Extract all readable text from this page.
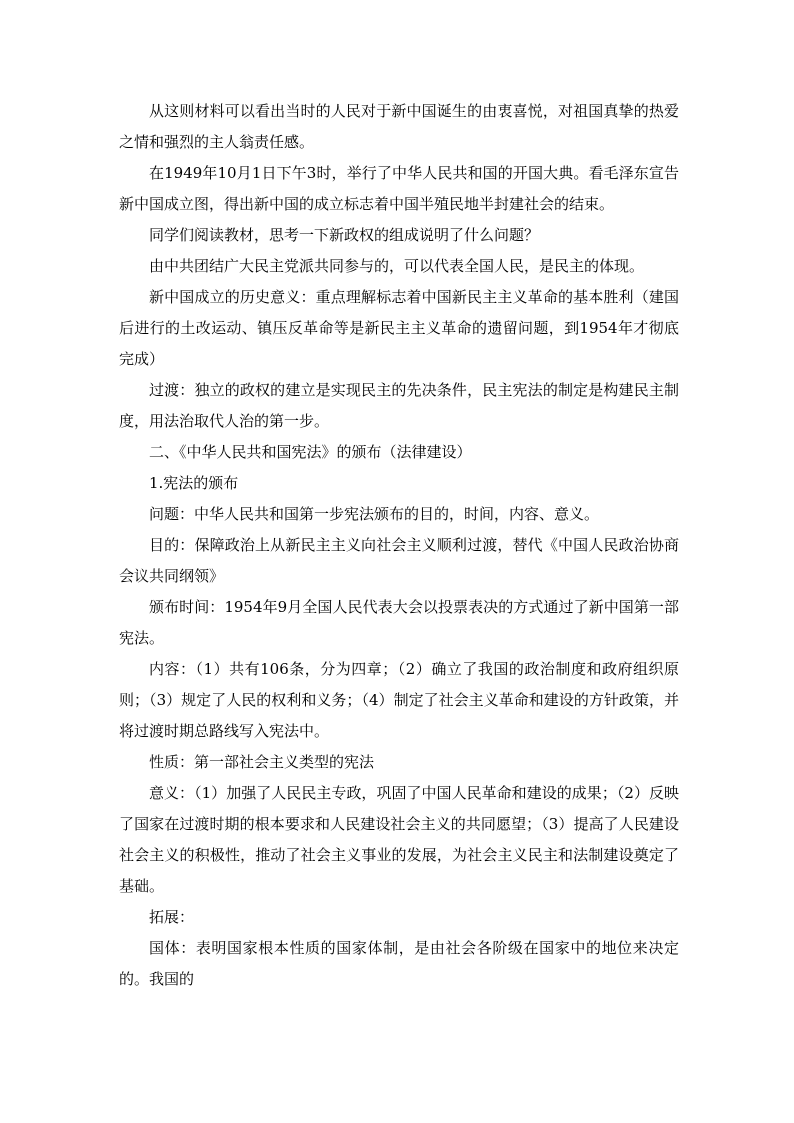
从这则材料可以看出当时的人民对于新中国诞生的由衷喜悦，对祖国真挚的热爱之情和强烈的主人翁责任感。

在1949年10月1日下午3时，举行了中华人民共和国的开国大典。看毛泽东宣告新中国成立图，得出新中国的成立标志着中国半殖民地半封建社会的结束。

同学们阅读教材，思考一下新政权的组成说明了什么问题？

由中共团结广大民主党派共同参与的，可以代表全国人民，是民主的体现。

新中国成立的历史意义：重点理解标志着中国新民主主义革命的基本胜利（建国后进行的土改运动、镇压反革命等是新民主主义革命的遗留问题，到1954年才彻底完成）

过渡：独立的政权的建立是实现民主的先决条件，民主宪法的制定是构建民主制度，用法治取代人治的第一步。

二、《中华人民共和国宪法》的颁布（法律建设）

1.宪法的颁布

问题：中华人民共和国第一步宪法颁布的目的，时间，内容、意义。

目的：保障政治上从新民主主义向社会主义顺利过渡，替代《中国人民政治协商会议共同纲领》

颁布时间：1954年9月全国人民代表大会以投票表决的方式通过了新中国第一部宪法。

内容：（1）共有106条，分为四章；（2）确立了我国的政治制度和政府组织原则；（3）规定了人民的权利和义务；（4）制定了社会主义革命和建设的方针政策，并将过渡时期总路线写入宪法中。

性质：第一部社会主义类型的宪法

意义：（1）加强了人民民主专政，巩固了中国人民革命和建设的成果；（2）反映了国家在过渡时期的根本要求和人民建设社会主义的共同愿望；（3）提高了人民建设社会主义的积极性，推动了社会主义事业的发展，为社会主义民主和法制建设奠定了基础。

拓展：

国体：表明国家根本性质的国家体制，是由社会各阶级在国家中的地位来决定的。我国的
